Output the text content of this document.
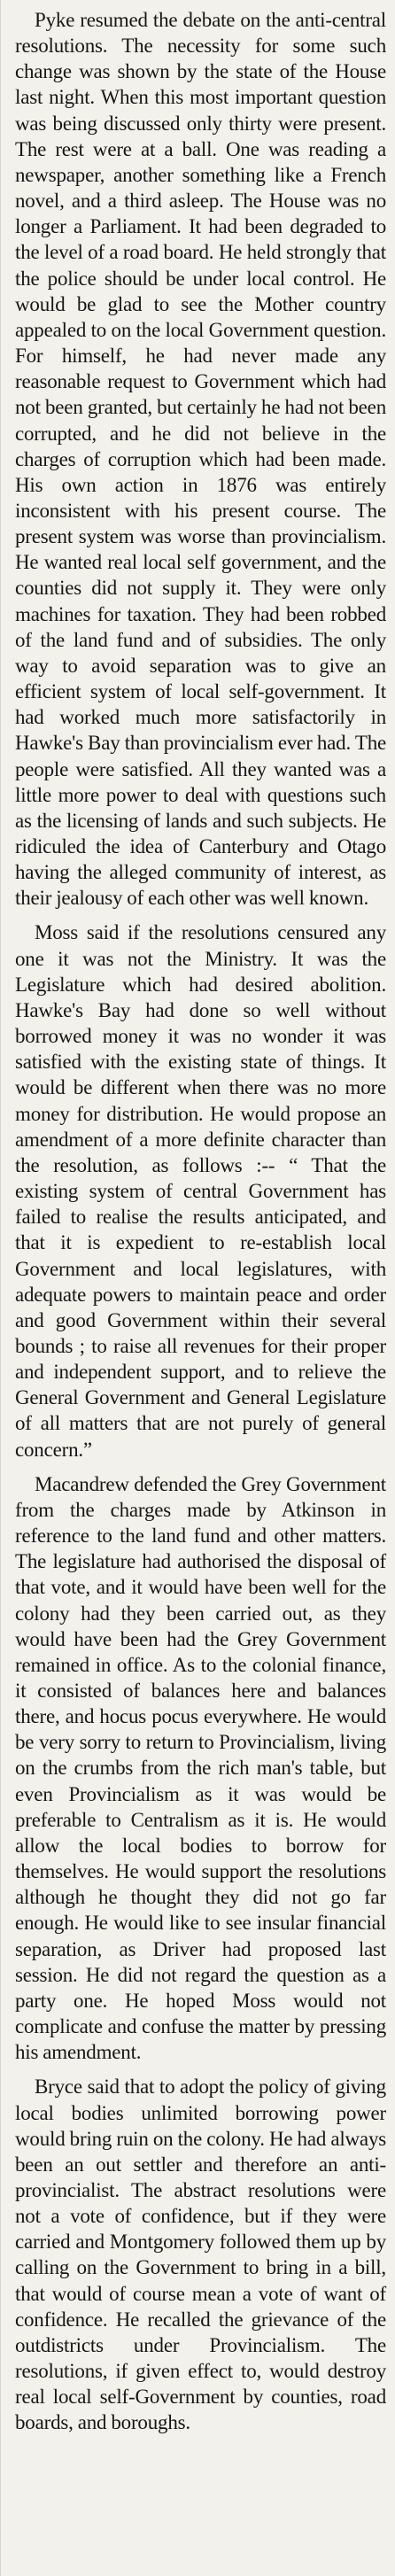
Pyke resumed the debate on the anti-central resolutions. The necessity for some such change was shown by the state of the House last night. When this most important question was being discussed only thirty were present. The rest were at a ball. One was reading a newspaper, another something like a French novel, and a third asleep. The House was no longer a Parliament. It had been degraded to the level of a road board. He held strongly that the police should be under local control. He would be glad to see the Mother country appealed to on the local Government question. For himself, he had never made any reasonable request to Government which had not been granted, but certainly he had not been corrupted, and he did not believe in the charges of corruption which had been made. His own action in 1876 was entirely inconsistent with his present course. The present system was worse than provincialism. He wanted real local self government, and the counties did not supply it. They were only machines for taxation. They had been robbed of the land fund and of subsidies. The only way to avoid separation was to give an efficient system of local self-government. It had worked much more satisfactorily in Hawke's Bay than provincialism ever had. The people were satisfied. All they wanted was a little more power to deal with questions such as the licensing of lands and such subjects. He ridiculed the idea of Canterbury and Otago having the alleged community of interest, as their jealousy of each other was well known.

Moss said if the resolutions censured any one it was not the Ministry. It was the Legislature which had desired abolition. Hawke's Bay had done so well without borrowed money it was no wonder it was satisfied with the existing state of things. It would be different when there was no more money for distribution. He would propose an amendment of a more definite character than the resolution, as follows :-- “ That the existing system of central Government has failed to realise the results anticipated, and that it is expedient to re-establish local Government and local legislatures, with adequate powers to maintain peace and order and good Government within their several bounds ; to raise all revenues for their proper and independent support, and to relieve the General Government and General Legislature of all matters that are not purely of general concern.”

Macandrew defended the Grey Government from the charges made by Atkinson in reference to the land fund and other matters. The legislature had authorised the disposal of that vote, and it would have been well for the colony had they been carried out, as they would have been had the Grey Government remained in office. As to the colonial finance, it consisted of balances here and balances there, and hocus pocus everywhere. He would be very sorry to return to Provincialism, living on the crumbs from the rich man's table, but even Provincialism as it was would be preferable to Centralism as it is. He would allow the local bodies to borrow for themselves. He would support the resolutions although he thought they did not go far enough. He would like to see insular financial separation, as Driver had proposed last session. He did not regard the question as a party one. He hoped Moss would not complicate and confuse the matter by pressing his amendment.

Bryce said that to adopt the policy of giving local bodies unlimited borrowing power would bring ruin on the colony. He had always been an out settler and therefore an anti-provincialist. The abstract resolutions were not a vote of confidence, but if they were carried and Montgomery followed them up by calling on the Government to bring in a bill, that would of course mean a vote of want of confidence. He recalled the grievance of the outdistricts under Provincialism. The resolutions, if given effect to, would destroy real local self-Government by counties, road boards, and boroughs.
